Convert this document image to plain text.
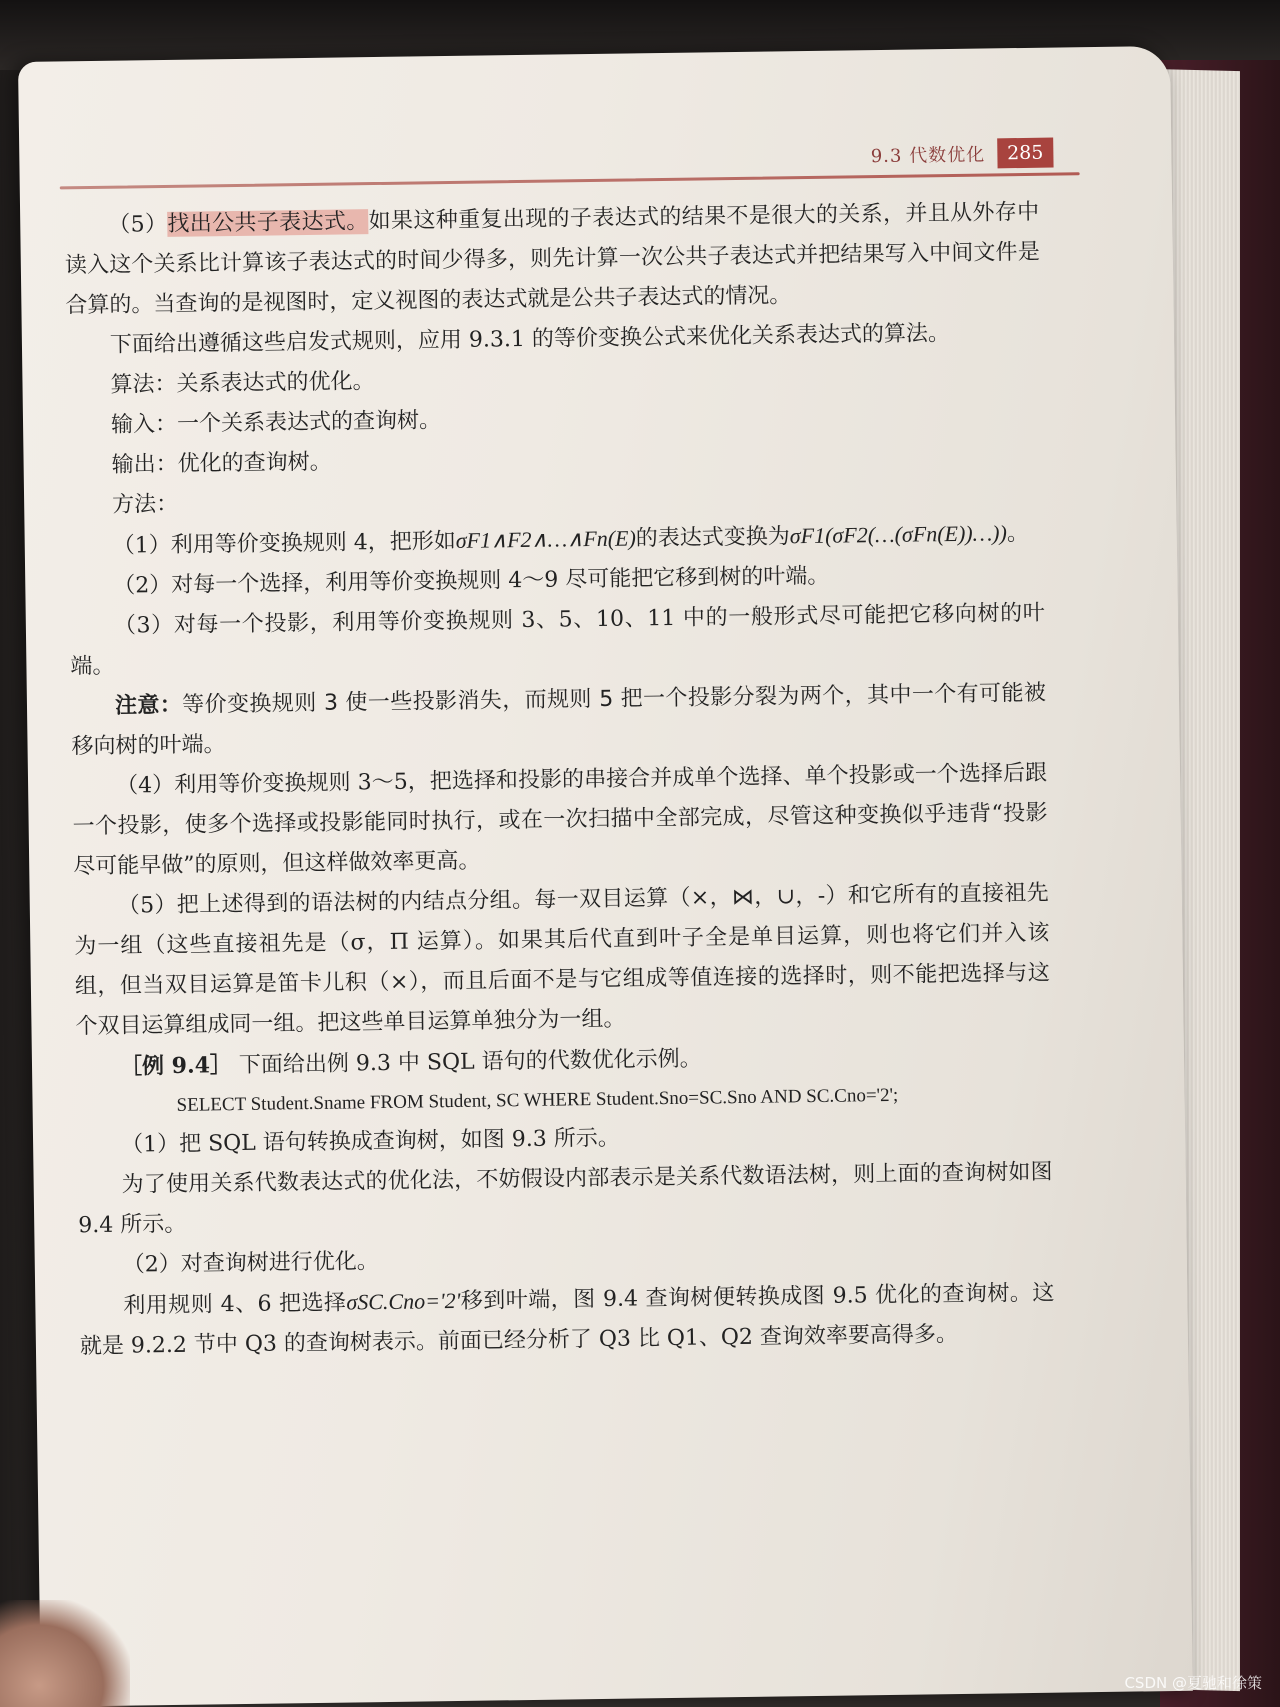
9.3 代数优化	285

（5）找出公共子表达式。如果这种重复出现的子表达式的结果不是很大的关系，并且从外存中读入这个关系比计算该子表达式的时间少得多，则先计算一次公共子表达式并把结果写入中间文件是合算的。当查询的是视图时，定义视图的表达式就是公共子表达式的情况。

下面给出遵循这些启发式规则，应用 9.3.1 的等价变换公式来优化关系表达式的算法。

算法：关系表达式的优化。

输入：一个关系表达式的查询树。

输出：优化的查询树。

方法：

（1）利用等价变换规则 4，把形如σF1∧F2∧…∧Fn(E)的表达式变换为σF1(σF2(…(σFn(E))…))。

（2）对每一个选择，利用等价变换规则 4～9 尽可能把它移到树的叶端。

（3）对每一个投影，利用等价变换规则 3、5、10、11 中的一般形式尽可能把它移向树的叶端。

注意：等价变换规则 3 使一些投影消失，而规则 5 把一个投影分裂为两个，其中一个有可能被移向树的叶端。

（4）利用等价变换规则 3～5，把选择和投影的串接合并成单个选择、单个投影或一个选择后跟一个投影，使多个选择或投影能同时执行，或在一次扫描中全部完成，尽管这种变换似乎违背“投影尽可能早做”的原则，但这样做效率更高。

（5）把上述得到的语法树的内结点分组。每一双目运算（×，⋈，∪，-）和它所有的直接祖先为一组（这些直接祖先是（σ，Π 运算）。如果其后代直到叶子全是单目运算，则也将它们并入该组，但当双目运算是笛卡儿积（×），而且后面不是与它组成等值连接的选择时，则不能把选择与这个双目运算组成同一组。把这些单目运算单独分为一组。

［例 9.4］ 下面给出例 9.3 中 SQL 语句的代数优化示例。

SELECT Student.Sname FROM Student, SC WHERE Student.Sno=SC.Sno AND SC.Cno='2';

（1）把 SQL 语句转换成查询树，如图 9.3 所示。

为了使用关系代数表达式的优化法，不妨假设内部表示是关系代数语法树，则上面的查询树如图 9.4 所示。

（2）对查询树进行优化。

利用规则 4、6 把选择σSC.Cno='2'移到叶端，图 9.4 查询树便转换成图 9.5 优化的查询树。这就是 9.2.2 节中 Q3 的查询树表示。前面已经分析了 Q3 比 Q1、Q2 查询效率要高得多。

CSDN @夏驰和徐策
